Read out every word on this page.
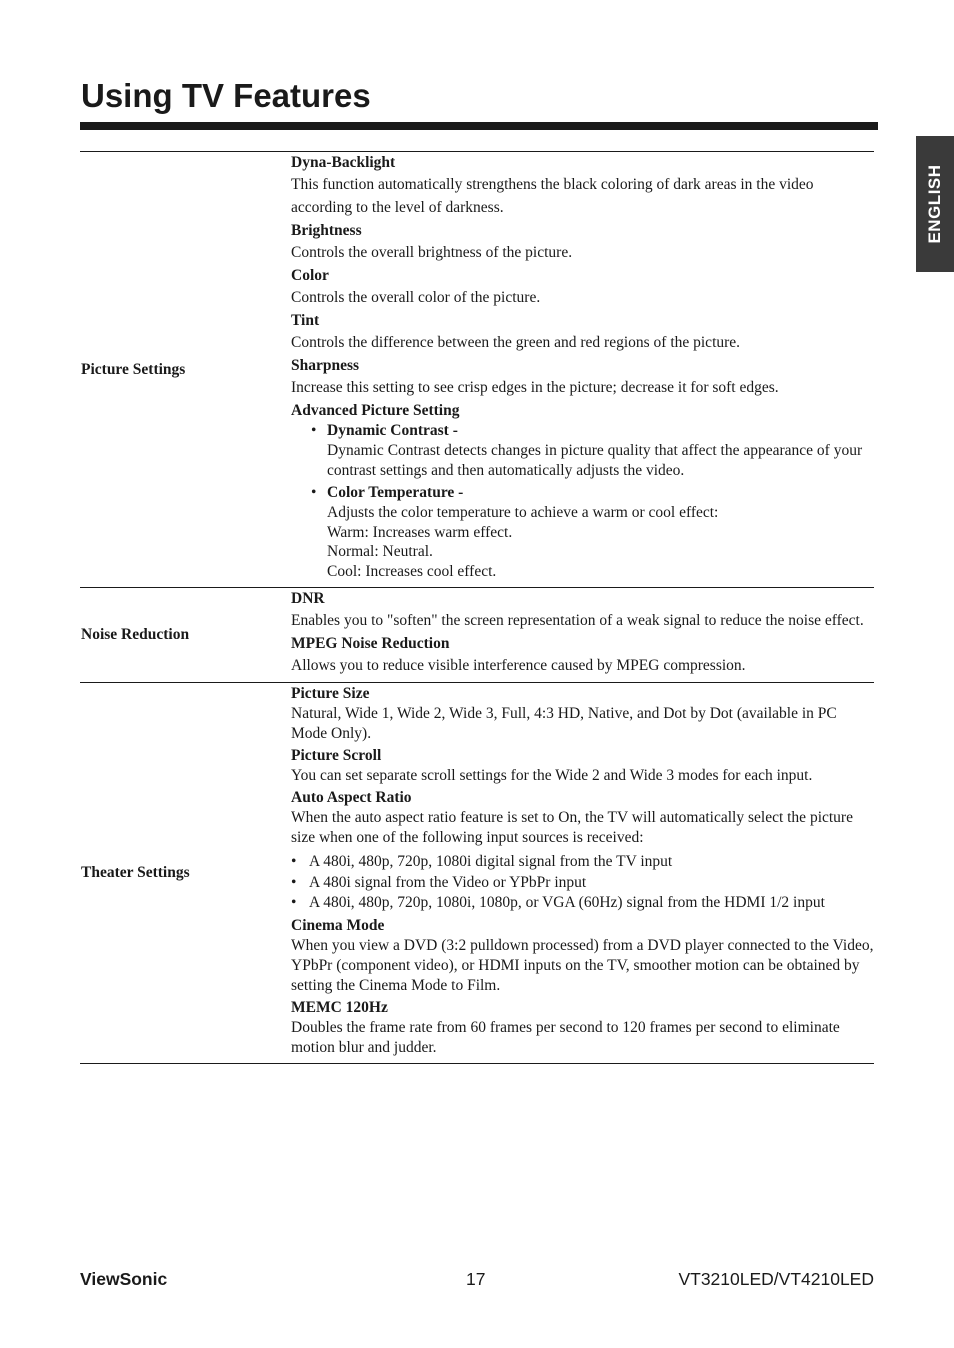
Using TV Features
ENGLISH
Picture Settings
Dyna-Backlight
This function automatically strengthens the black coloring of dark areas in the video according to the level of darkness.
Brightness
Controls the overall brightness of the picture.
Color
Controls the overall color of the picture.
Tint
Controls the difference between the green and red regions of the picture.
Sharpness
Increase this setting to see crisp edges in the picture; decrease it for soft edges.
Advanced Picture Setting
• Dynamic Contrast -
Dynamic Contrast detects changes in picture quality that affect the appearance of your contrast settings and then automatically adjusts the video.
• Color Temperature -
Adjusts the color temperature to achieve a warm or cool effect:
Warm: Increases warm effect.
Normal: Neutral.
Cool: Increases cool effect.
Noise Reduction
DNR
Enables you to "soften" the screen representation of a weak signal to reduce the noise effect.
MPEG Noise Reduction
Allows you to reduce visible interference caused by MPEG compression.
Theater Settings
Picture Size
Natural, Wide 1, Wide 2, Wide 3, Full, 4:3 HD, Native, and Dot by Dot (available in PC Mode Only).
Picture Scroll
You can set separate scroll settings for the Wide 2 and Wide 3 modes for each input.
Auto Aspect Ratio
When the auto aspect ratio feature is set to On, the TV will automatically select the picture size when one of the following input sources is received:
• A 480i, 480p, 720p, 1080i digital signal from the TV input
• A 480i signal from the Video or YPbPr input
• A 480i, 480p, 720p, 1080i, 1080p, or VGA (60Hz) signal from the HDMI 1/2 input
Cinema Mode
When you view a DVD (3:2 pulldown processed) from a DVD player connected to the Video, YPbPr (component video), or HDMI inputs on the TV, smoother motion can be obtained by setting the Cinema Mode to Film.
MEMC 120Hz
Doubles the frame rate from 60 frames per second to 120 frames per second to eliminate motion blur and judder.
ViewSonic	17	VT3210LED/VT4210LED
